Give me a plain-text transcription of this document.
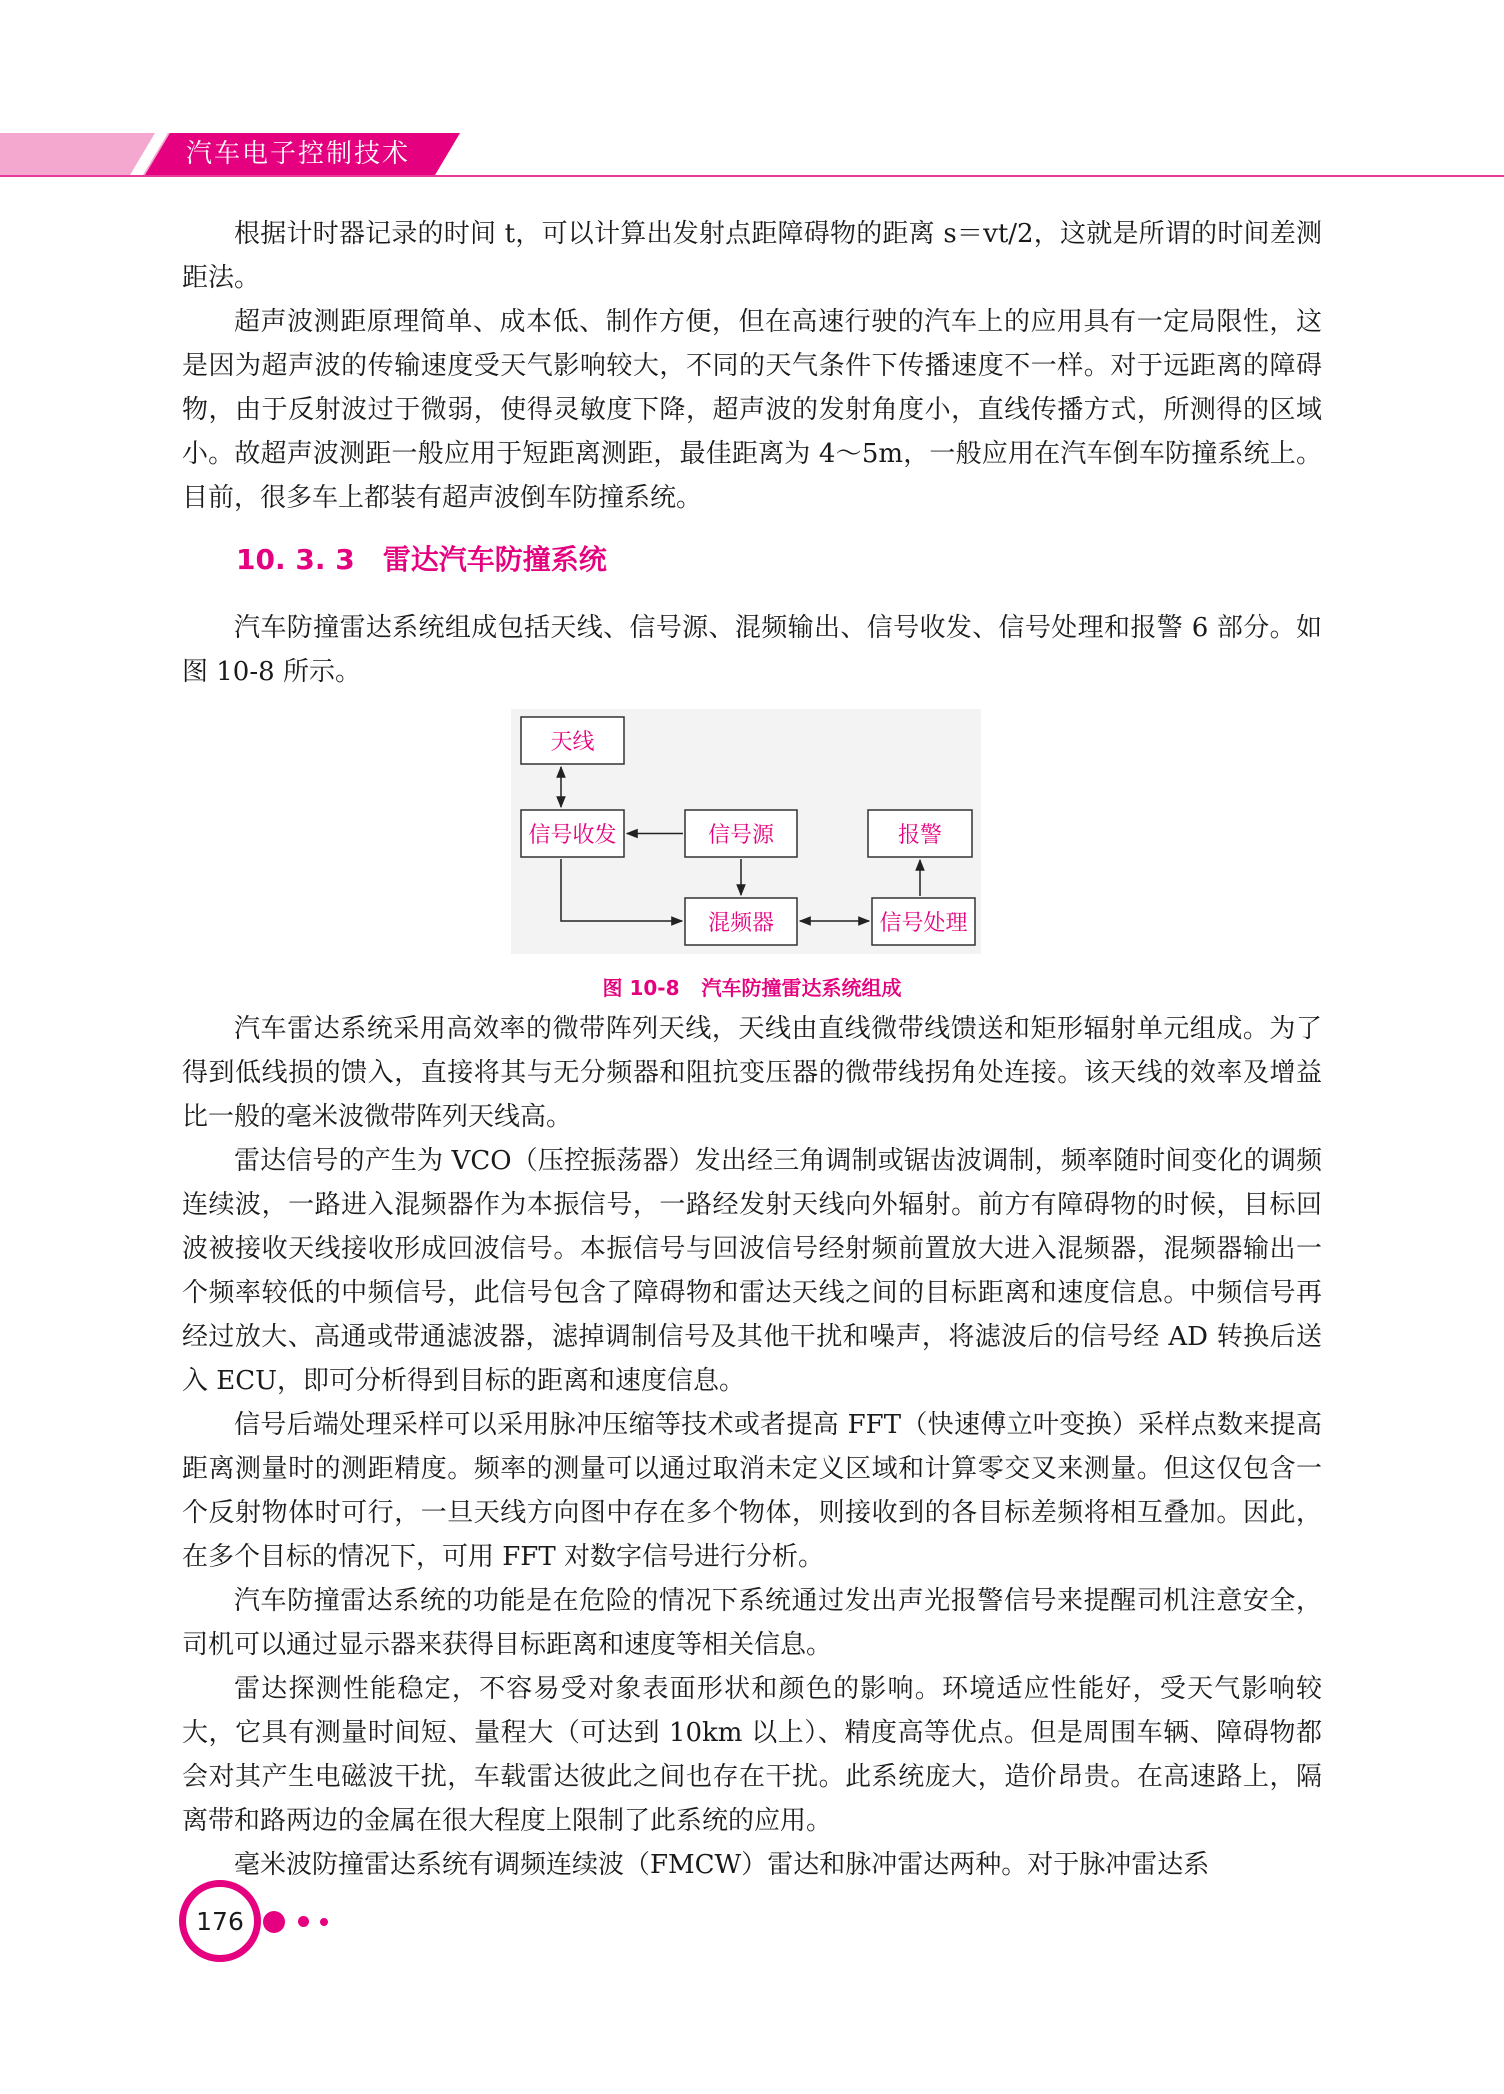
汽车电子控制技术

根据计时器记录的时间 t，可以计算出发射点距障碍物的距离 s＝vt/2，这就是所谓的时间差测距法。

超声波测距原理简单、成本低、制作方便，但在高速行驶的汽车上的应用具有一定局限性，这是因为超声波的传输速度受天气影响较大，不同的天气条件下传播速度不一样。对于远距离的障碍物，由于反射波过于微弱，使得灵敏度下降，超声波的发射角度小，直线传播方式，所测得的区域小。故超声波测距一般应用于短距离测距，最佳距离为 4～5m，一般应用在汽车倒车防撞系统上。目前，很多车上都装有超声波倒车防撞系统。

10. 3. 3 雷达汽车防撞系统

汽车防撞雷达系统组成包括天线、信号源、混频输出、信号收发、信号处理和报警 6 部分。如图 10-8 所示。

天线
信号收发	信号源	报警
混频器	信号处理
图 10-8 汽车防撞雷达系统组成

汽车雷达系统采用高效率的微带阵列天线，天线由直线微带线馈送和矩形辐射单元组成。为了得到低线损的馈入，直接将其与无分频器和阻抗变压器的微带线拐角处连接。该天线的效率及增益比一般的毫米波微带阵列天线高。

雷达信号的产生为 VCO（压控振荡器）发出经三角调制或锯齿波调制，频率随时间变化的调频连续波，一路进入混频器作为本振信号，一路经发射天线向外辐射。前方有障碍物的时候，目标回波被接收天线接收形成回波信号。本振信号与回波信号经射频前置放大进入混频器，混频器输出一个频率较低的中频信号，此信号包含了障碍物和雷达天线之间的目标距离和速度信息。中频信号再经过放大、高通或带通滤波器，滤掉调制信号及其他干扰和噪声，将滤波后的信号经 AD 转换后送入 ECU，即可分析得到目标的距离和速度信息。

信号后端处理采样可以采用脉冲压缩等技术或者提高 FFT（快速傅立叶变换）采样点数来提高距离测量时的测距精度。频率的测量可以通过取消未定义区域和计算零交叉来测量。但这仅包含一个反射物体时可行，一旦天线方向图中存在多个物体，则接收到的各目标差频将相互叠加。因此，在多个目标的情况下，可用 FFT 对数字信号进行分析。

汽车防撞雷达系统的功能是在危险的情况下系统通过发出声光报警信号来提醒司机注意安全，司机可以通过显示器来获得目标距离和速度等相关信息。

雷达探测性能稳定，不容易受对象表面形状和颜色的影响。环境适应性能好，受天气影响较大，它具有测量时间短、量程大（可达到 10km 以上）、精度高等优点。但是周围车辆、障碍物都会对其产生电磁波干扰，车载雷达彼此之间也存在干扰。此系统庞大，造价昂贵。在高速路上，隔离带和路两边的金属在很大程度上限制了此系统的应用。

毫米波防撞雷达系统有调频连续波（FMCW）雷达和脉冲雷达两种。对于脉冲雷达系

176
